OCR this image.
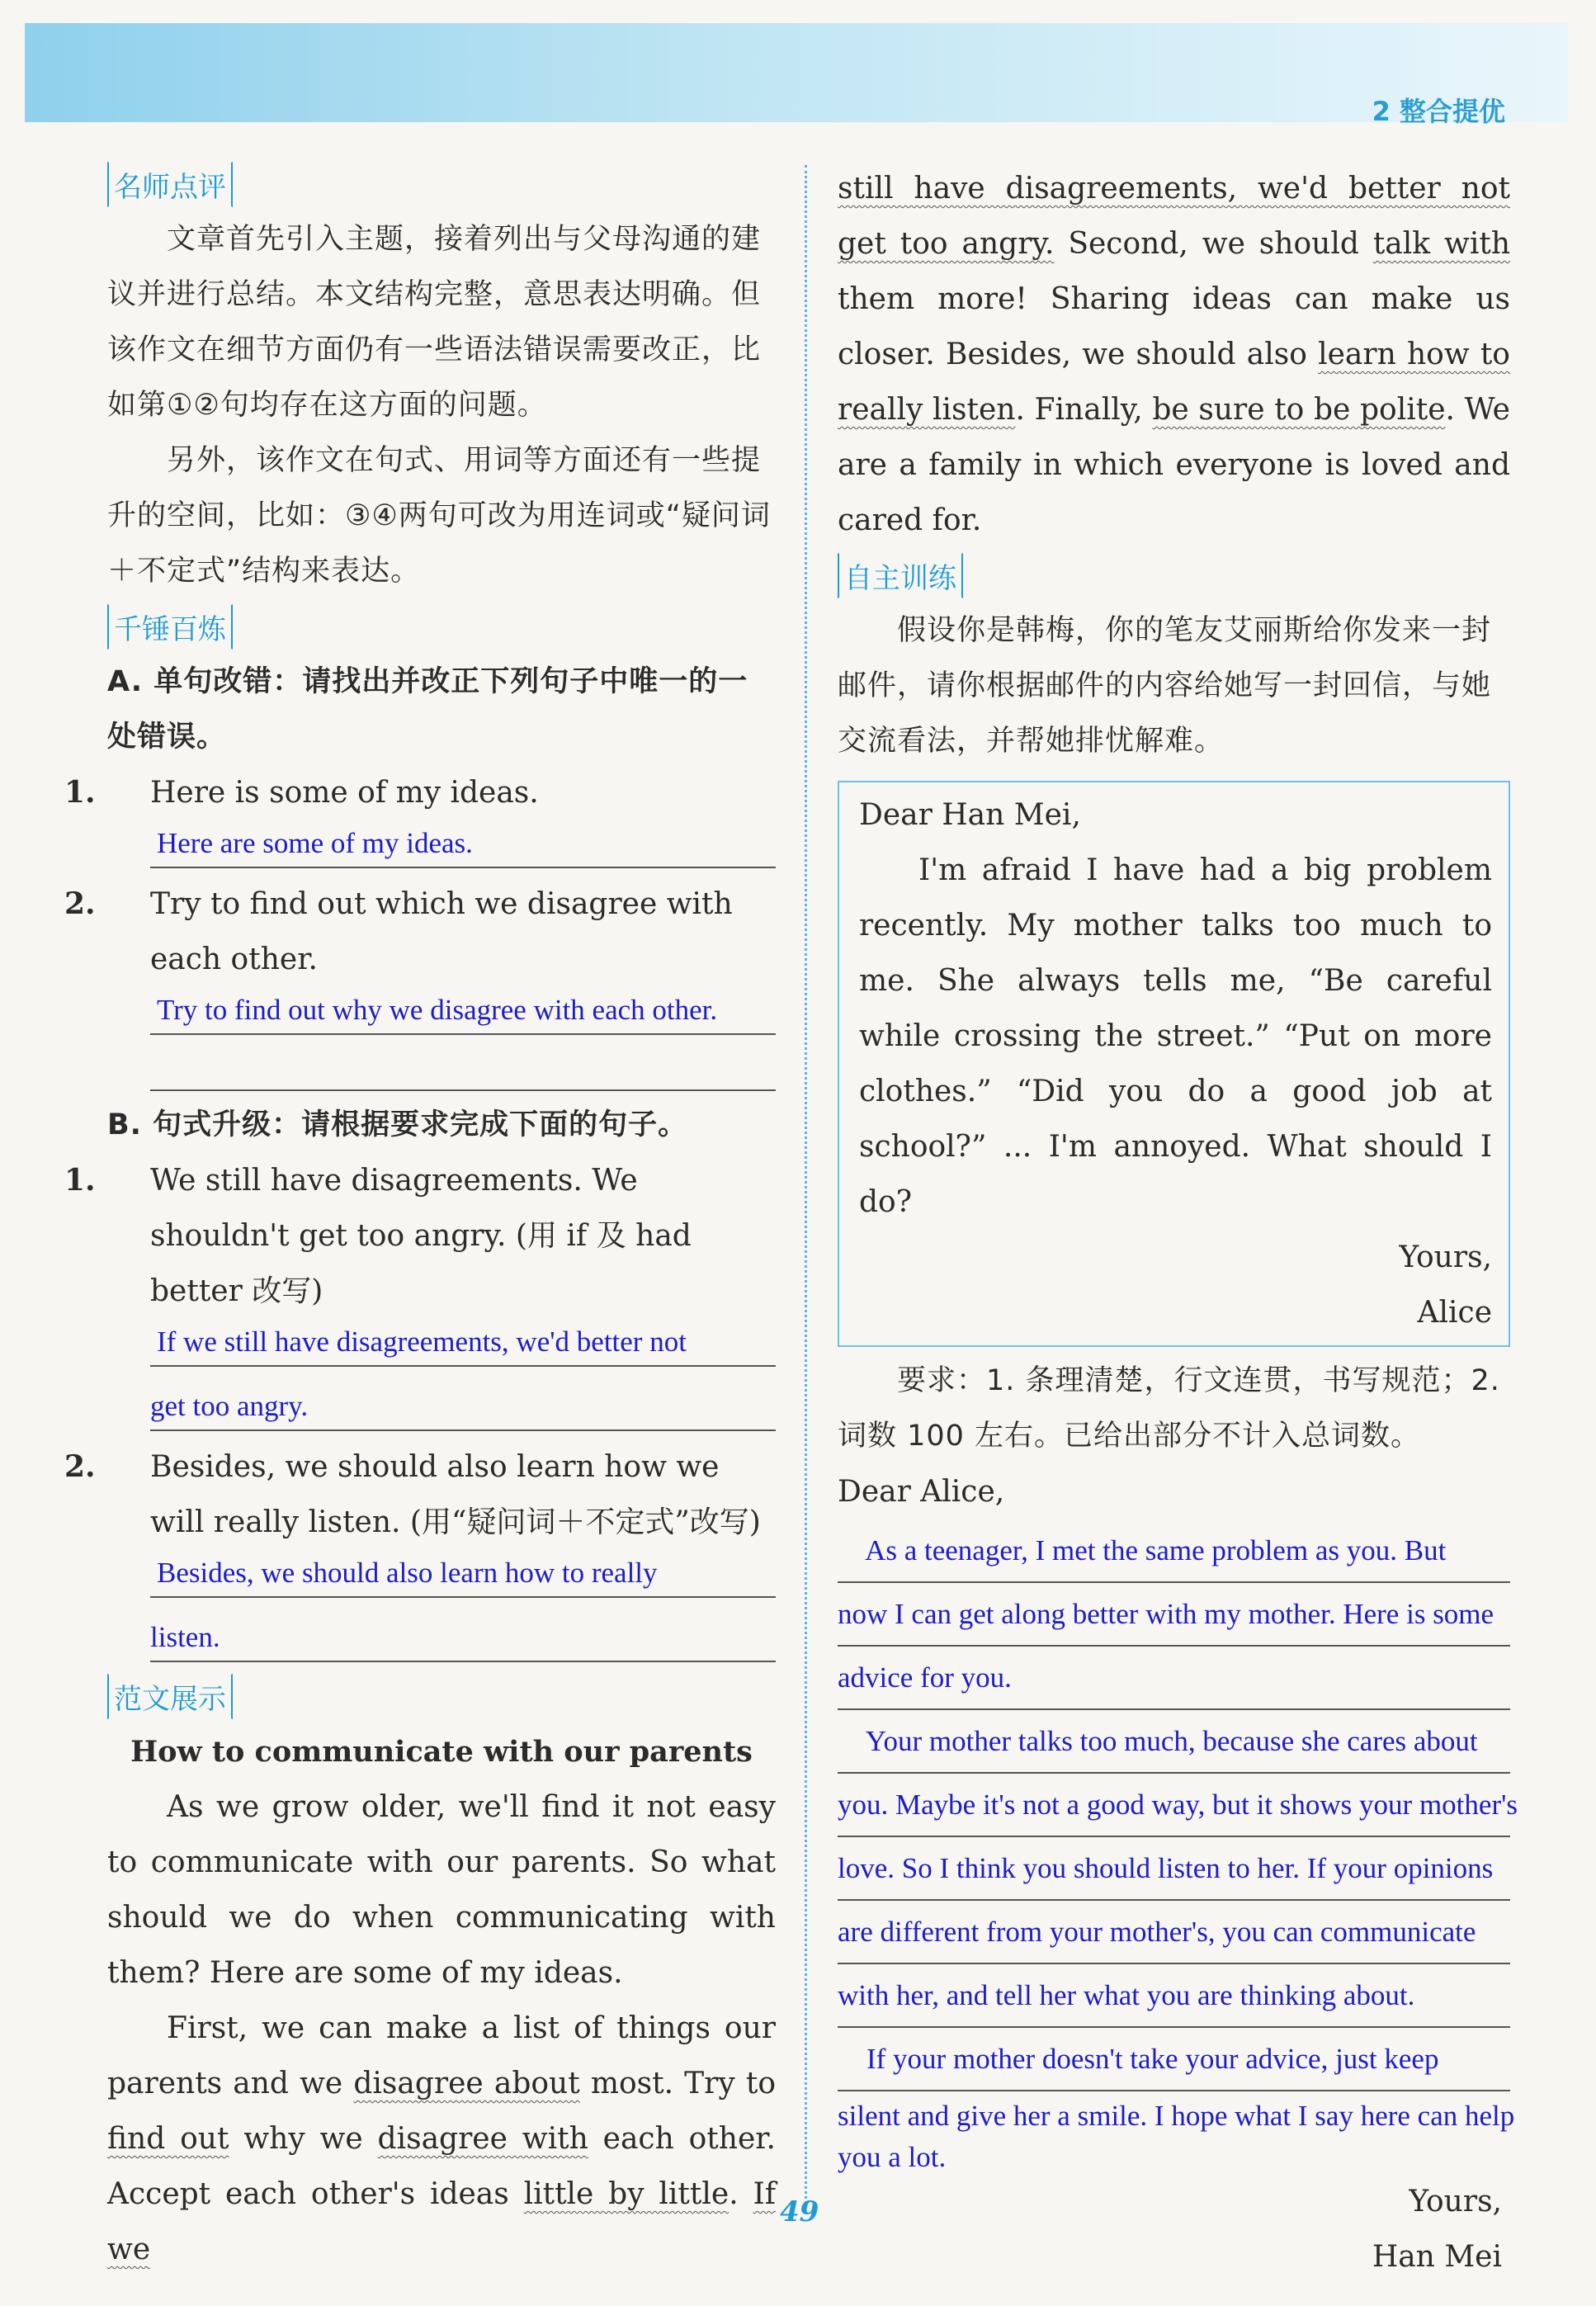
2 整合提优
名师点评

文章首先引入主题，接着列出与父母沟通的建议并进行总结。本文结构完整，意思表达明确。但该作文在细节方面仍有一些语法错误需要改正，比如第①②句均存在这方面的问题。

另外，该作文在句式、用词等方面还有一些提升的空间，比如：③④两句可改为用连词或“疑问词＋不定式”结构来表达。

千锤百炼

A. 单句改错：请找出并改正下列句子中唯一的一处错误。

1. Here is some of my ideas.

Here are some of my ideas.

2. Try to find out which we disagree with each other.

Try to find out why we disagree with each other.

B. 句式升级：请根据要求完成下面的句子。

1. We still have disagreements. We shouldn't get too angry. (用 if 及 had better 改写)

If we still have disagreements, we'd better not
get too angry.

2. Besides, we should also learn how we will really listen. (用“疑问词＋不定式”改写)

Besides, we should also learn how to really
listen.
范文展示

How to communicate with our parents

As we grow older, we'll find it not easy to communicate with our parents. So what should we do when communicating with them? Here are some of my ideas.

First, we can make a list of things our parents and we disagree about most. Try to find out why we disagree with each other. Accept each other's ideas little by little. If we

still have disagreements, we'd better not get too angry. Second, we should talk with them more! Sharing ideas can make us closer. Besides, we should also learn how to really listen. Finally, be sure to be polite. We are a family in which everyone is loved and cared for.

自主训练

假设你是韩梅，你的笔友艾丽斯给你发来一封邮件，请你根据邮件的内容给她写一封回信，与她交流看法，并帮她排忧解难。

Dear Han Mei,

I'm afraid I have had a big problem recently. My mother talks too much to me. She always tells me, “Be careful while crossing the street.” “Put on more clothes.” “Did you do a good job at school?” ... I'm annoyed. What should I do?

Yours,

Alice

要求：1. 条理清楚，行文连贯，书写规范；2. 词数 100 左右。已给出部分不计入总词数。

Dear Alice,

As a teenager, I met the same problem as you. But
now I can get along better with my mother. Here is some
advice for you.
Your mother talks too much, because she cares about
you. Maybe it's not a good way, but it shows your mother's
love. So I think you should listen to her. If your opinions
are different from your mother's, you can communicate
with her, and tell her what you are thinking about.
If your mother doesn't take your advice, just keep
silent and give her a smile. I hope what I say here can help
you a lot.

Yours,

Han Mei

49
